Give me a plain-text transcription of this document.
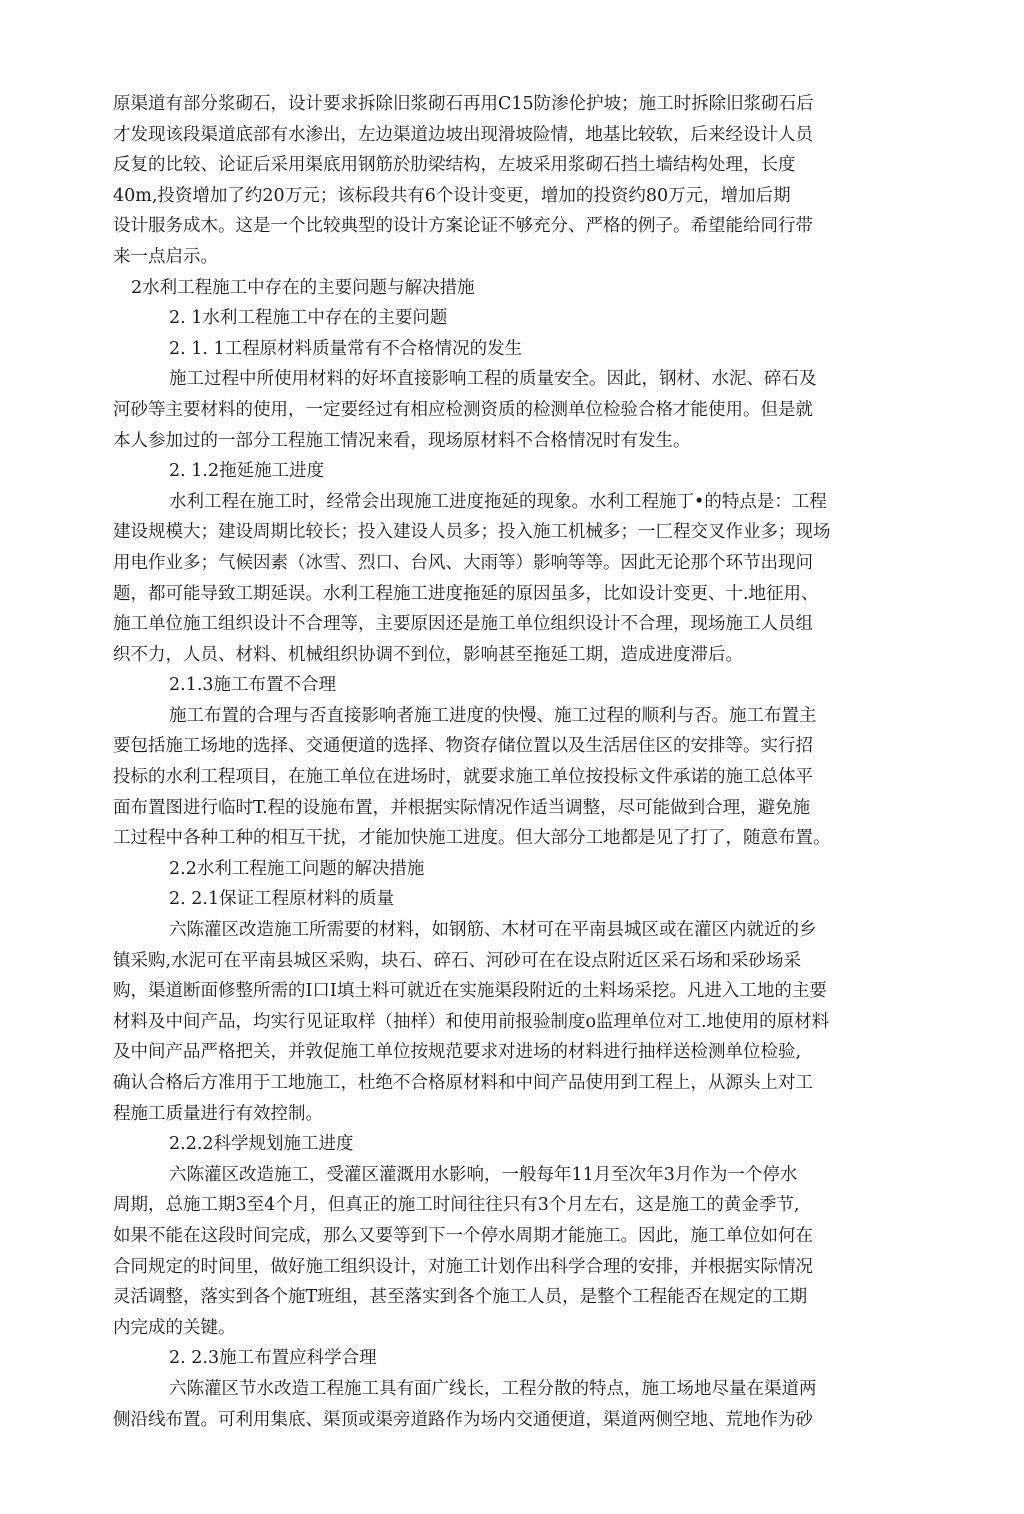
原渠道有部分浆砌石，设计要求拆除旧浆砌石再用C15防渗伦护坡；施工时拆除旧浆砌石后
才发现该段渠道底部有水渗出，左边渠道边坡出现滑坡险情，地基比较软，后来经设计人员
反复的比较、论证后采用渠底用钢筋於肋梁结构，左坡采用浆砌石挡土墙结构处理，长度
40m,投资增加了约20万元；该标段共有6个设计变更，增加的投资约80万元，增加后期
设计服务成木。这是一个比较典型的设计方案论证不够充分、严格的例子。希望能给同行带
来一点启示。
2水利工程施工中存在的主要问题与解决措施
2. 1水利工程施工中存在的主要问题
2. 1. 1工程原材料质量常有不合格情况的发生
施工过程中所使用材料的好坏直接影响工程的质量安全。因此，钢材、水泥、碎石及
河砂等主要材料的使用，一定要经过有相应检测资质的检测单位检验合格才能使用。但是就
本人参加过的一部分工程施工情况来看，现场原材料不合格情况时有发生。
2. 1.2拖延施工进度
水利工程在施工时，经常会出现施工进度拖延的现象。水利工程施丁•的特点是：工程
建设规模大；建设周期比较长；投入建设人员多；投入施工机械多；一匚程交叉作业多；现场
用电作业多；气候因素（冰雪、烈口、台风、大雨等）影响等等。因此无论那个环节出现问
题，都可能导致工期延误。水利工程施工进度拖延的原因虽多，比如设计变更、十.地征用、
施工单位施工组织设计不合理等，主要原因还是施工单位组织设计不合理，现场施工人员组
织不力，人员、材料、机械组织协调不到位，影响甚至拖延工期，造成进度滞后。
2.1.3施工布置不合理
施工布置的合理与否直接影响者施工进度的快慢、施工过程的顺利与否。施工布置主
要包括施工场地的选择、交通便道的选择、物资存储位置以及生活居住区的安排等。实行招
投标的水利工程项目，在施工单位在进场时，就要求施工单位按投标文件承诺的施工总体平
面布置图进行临时T.程的设施布置，并根据实际情况作适当调整，尽可能做到合理，避免施
工过程中各种工种的相互干扰，才能加快施工进度。但大部分工地都是见了打了，随意布置。
2.2水利工程施工问题的解决措施
2. 2.1保证工程原材料的质量
六陈灌区改造施工所需要的材料，如钢筋、木材可在平南县城区或在灌区内就近的乡
镇采购,水泥可在平南县城区采购，块石、碎石、河砂可在在设点附近区采石场和采砂场采
购，渠道断面修整所需的I口I填土料可就近在实施渠段附近的土料场采挖。凡进入工地的主要
材料及中间产品，均实行见证取样（抽样）和使用前报验制度o监理单位对工.地使用的原材料
及中间产品严格把关，并敦促施工单位按规范要求对进场的材料进行抽样送检测单位检验,
确认合格后方准用于工地施工，杜绝不合格原材料和中间产品使用到工程上，从源头上对工
程施工质量进行有效控制。
2.2.2科学规划施工进度
六陈灌区改造施工，受灌区灌溉用水影响，一般每年11月至次年3月作为一个停水
周期，总施工期3至4个月，但真正的施工时间往往只有3个月左右，这是施工的黄金季节,
如果不能在这段时间完成，那么又要等到下一个停水周期才能施工。因此，施工单位如何在
合同规定的时间里，做好施工组织设计，对施工计划作出科学合理的安排，并根据实际情况
灵活调整，落实到各个施T班组，甚至落实到各个施工人员，是整个工程能否在规定的工期
内完成的关键。
2. 2.3施工布置应科学合理
六陈灌区节水改造工程施工具有面广线长，工程分散的特点，施工场地尽量在渠道两
侧沿线布置。可利用集底、渠顶或渠旁道路作为场内交通便道，渠道两侧空地、荒地作为砂
